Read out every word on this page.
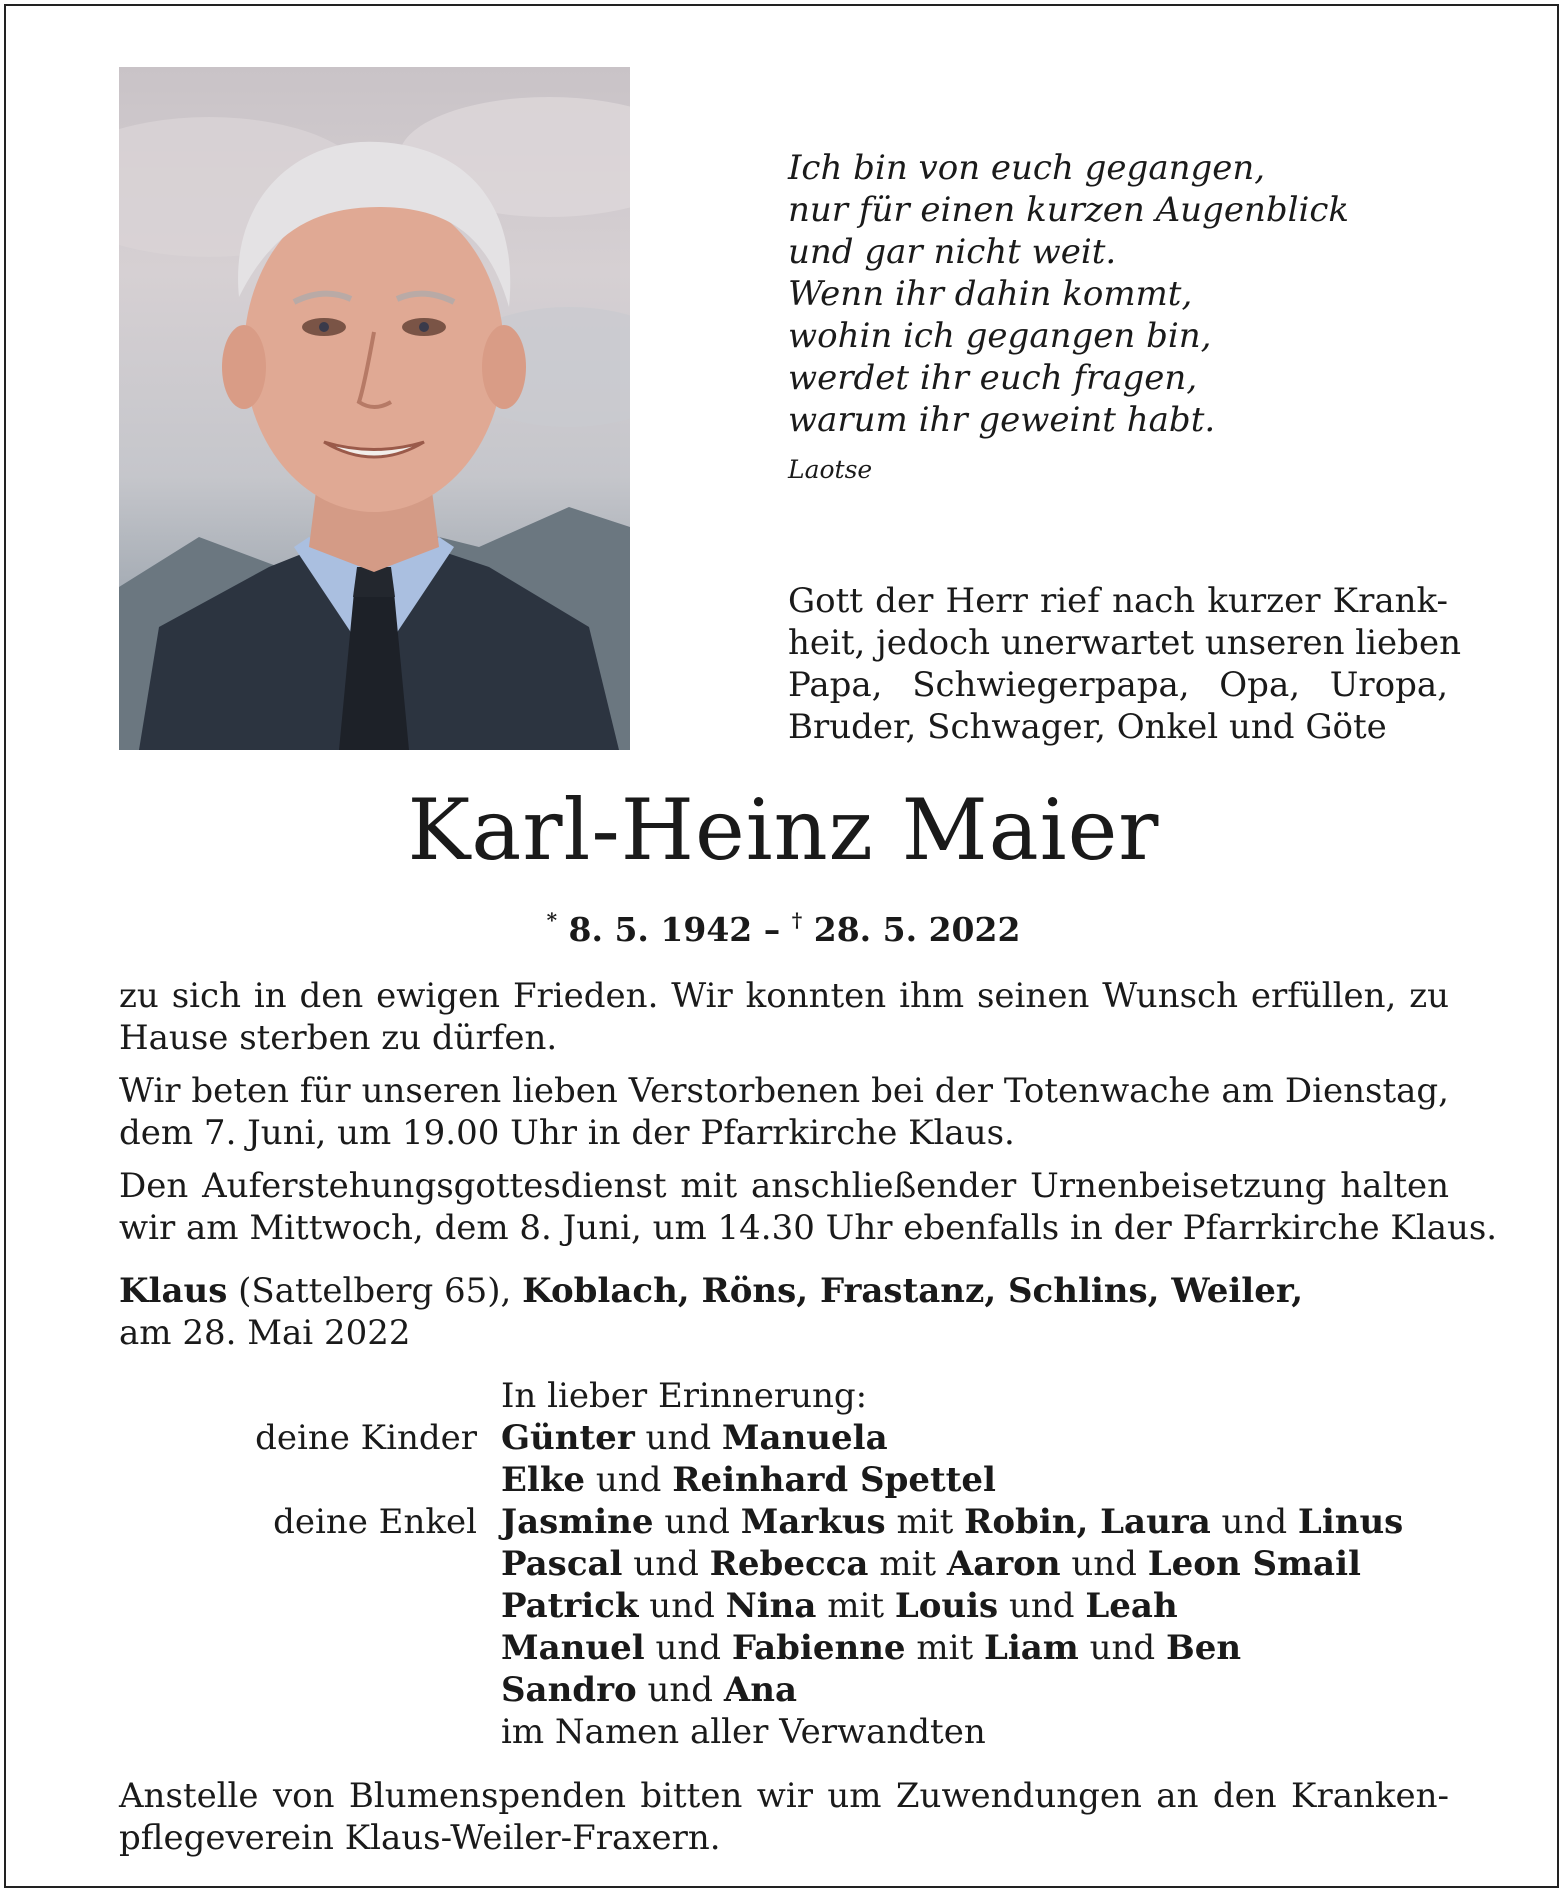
Ich bin von euch gegangen,
nur für einen kurzen Augenblick
und gar nicht weit.
Wenn ihr dahin kommt,
wohin ich gegangen bin,
werdet ihr euch fragen,
warum ihr geweint habt.
Laotse
Gott der Herr rief nach kurzer Krank-
heit, jedoch unerwartet unseren lieben
Papa, Schwiegerpapa, Opa, Uropa,
Bruder, Schwager, Onkel und Göte
Karl-Heinz Maier
* 8. 5. 1942 – † 28. 5. 2022
zu sich in den ewigen Frieden. Wir konnten ihm seinen Wunsch erfüllen, zu
Hause sterben zu dürfen.
Wir beten für unseren lieben Verstorbenen bei der Totenwache am Dienstag,
dem 7. Juni, um 19.00 Uhr in der Pfarrkirche Klaus.
Den Auferstehungsgottesdienst mit anschließender Urnenbeisetzung halten
wir am Mittwoch, dem 8. Juni, um 14.30 Uhr ebenfalls in der Pfarrkirche Klaus.
Klaus (Sattelberg 65), Koblach, Röns, Frastanz, Schlins, Weiler,
am 28. Mai 2022
In lieber Erinnerung:
deine Kinder Günter und Manuela
Elke und Reinhard Spettel
deine Enkel Jasmine und Markus mit Robin, Laura und Linus
Pascal und Rebecca mit Aaron und Leon Smail
Patrick und Nina mit Louis und Leah
Manuel und Fabienne mit Liam und Ben
Sandro und Ana
im Namen aller Verwandten
Anstelle von Blumenspenden bitten wir um Zuwendungen an den Kranken-
pflegeverein Klaus-Weiler-Fraxern.
